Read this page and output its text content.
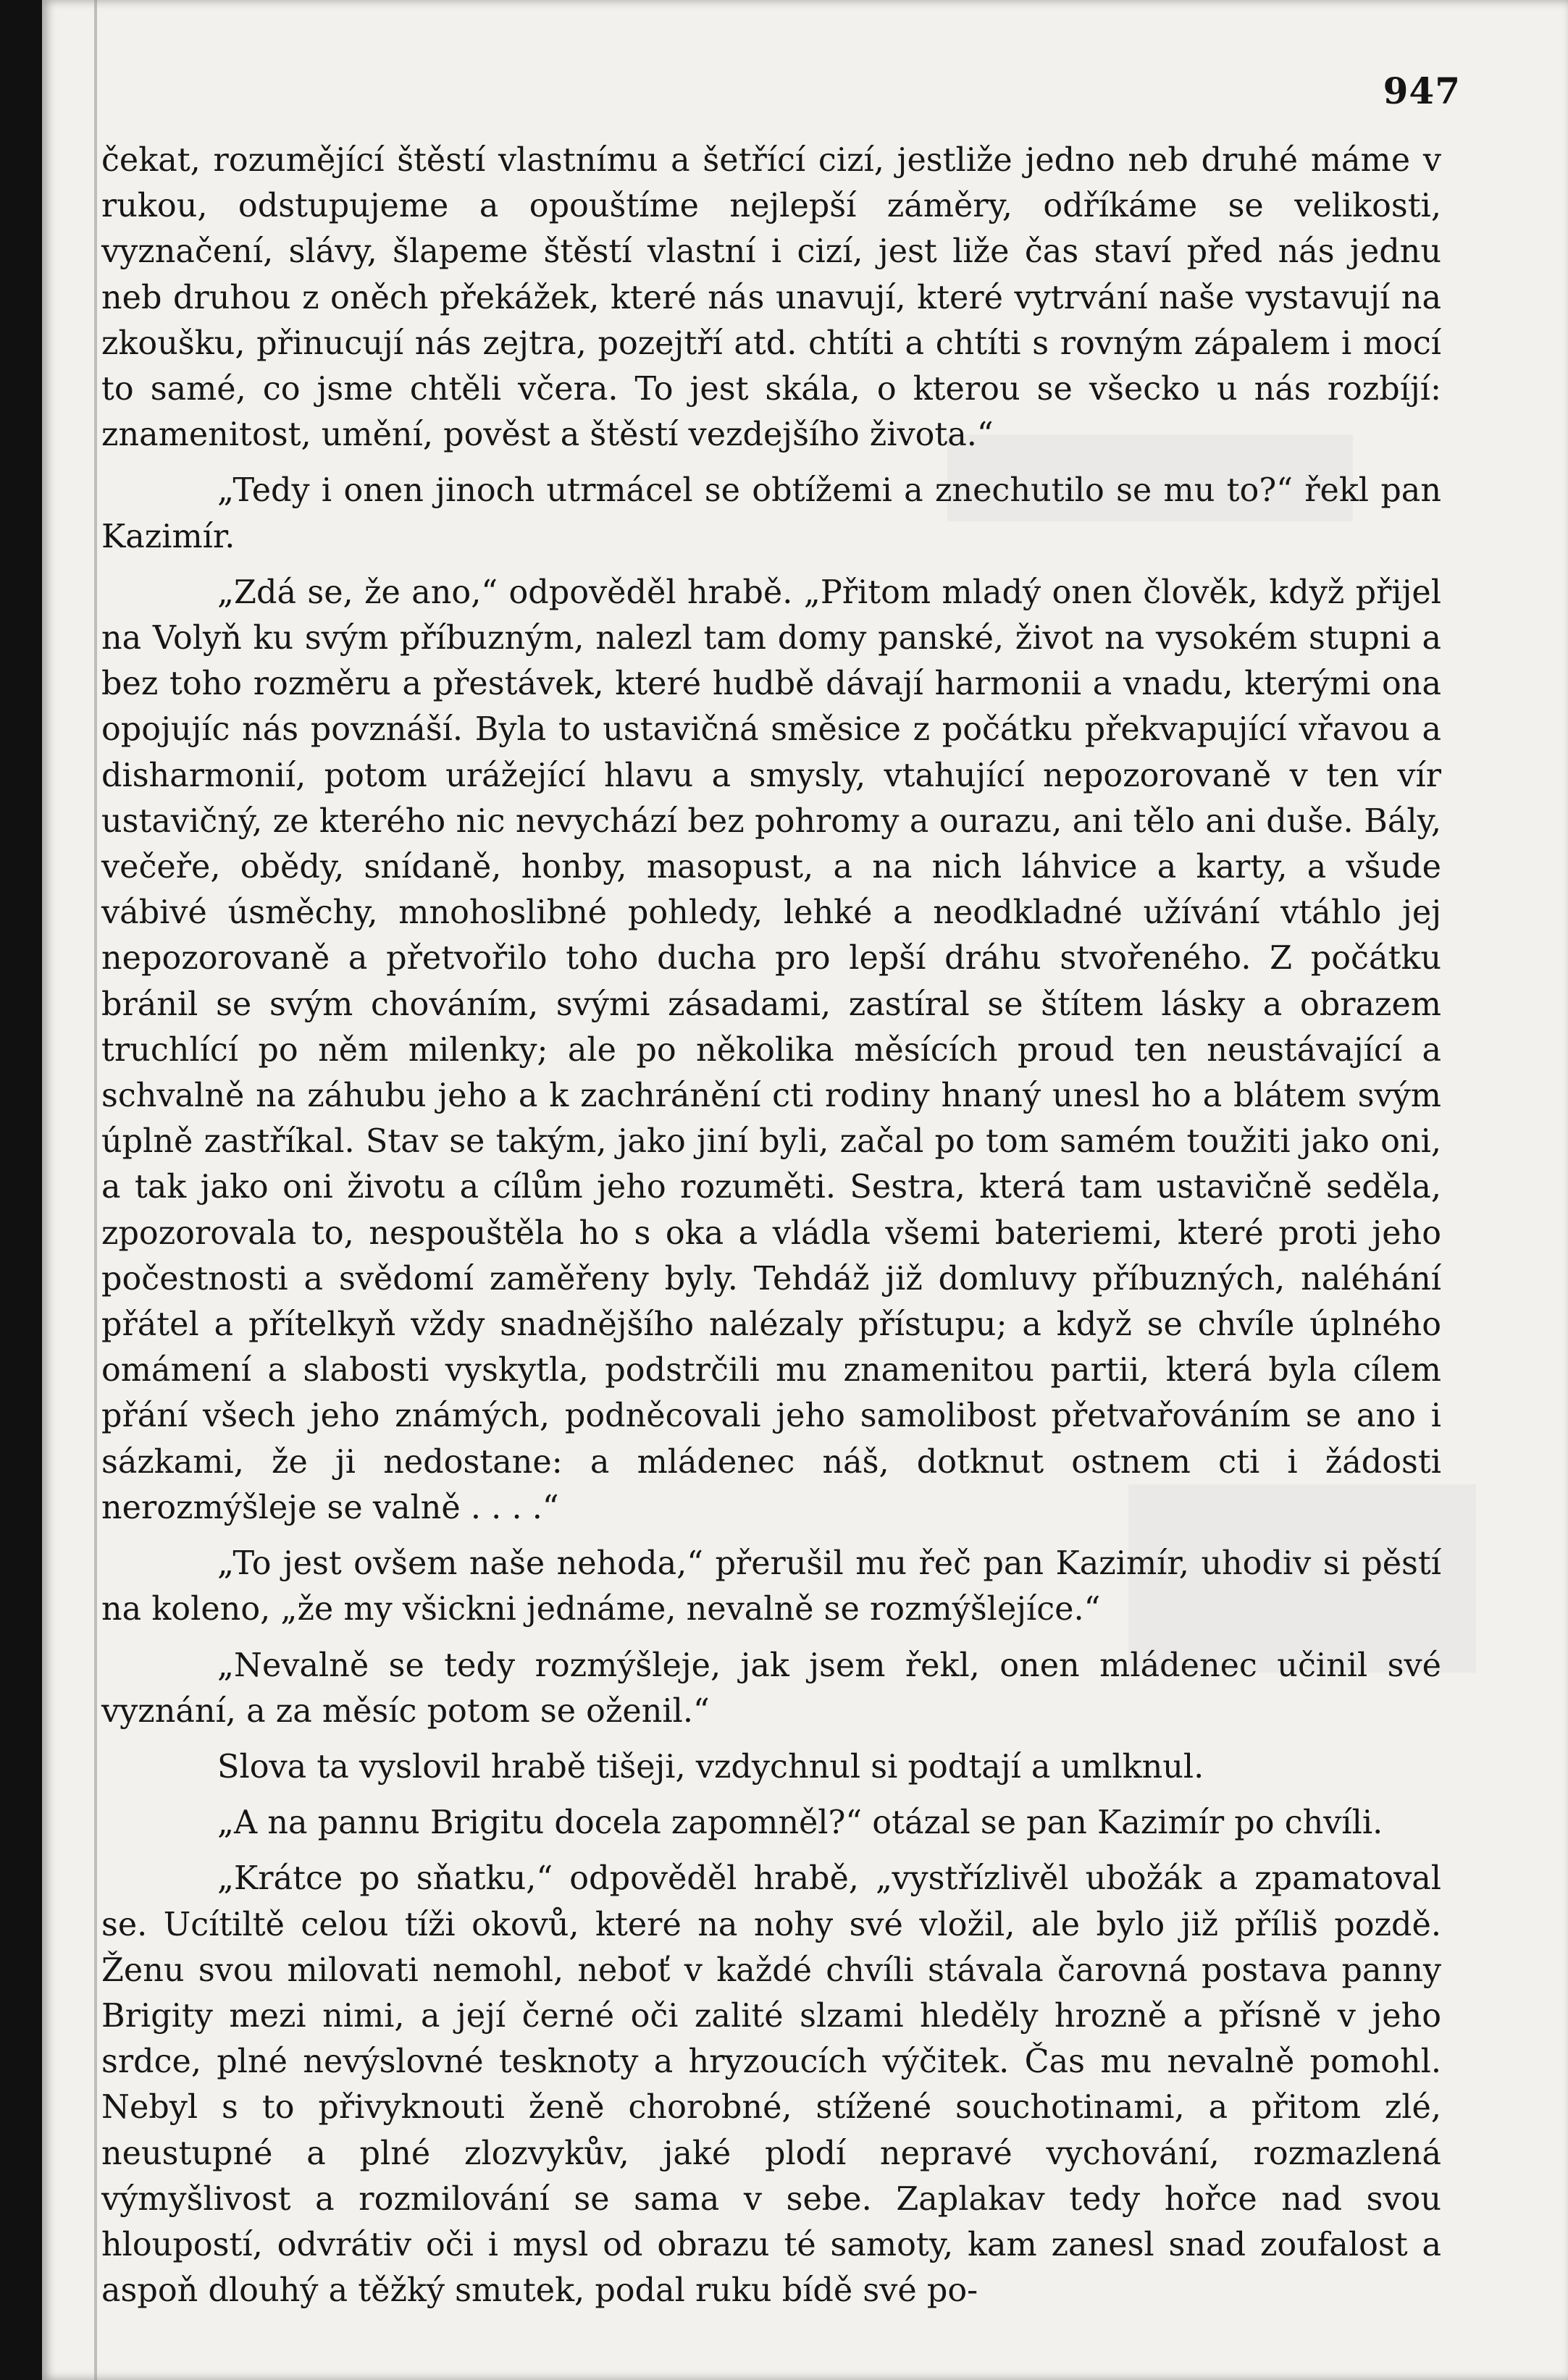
947

čekat, rozumějící štěstí vlastnímu a šetřící cizí, jestliže jedno neb druhé máme v rukou, odstupujeme a opouštíme nejlepší záměry, odříkáme se velikosti, vyznačení, slávy, šlapeme štěstí vlastní i cizí, jest liže čas staví před nás jednu neb druhou z oněch překážek, které nás unavují, které vytrvání naše vystavují na zkoušku, přinucují nás zejtra, pozejtří atd. chtíti a chtíti s rovným zápalem i mocí to samé, co jsme chtěli včera. To jest skála, o kterou se všecko u nás rozbíjí: znamenitost, umění, pověst a štěstí vezdejšího života.“

„Tedy i onen jinoch utrmácel se obtížemi a znechutilo se mu to?“ řekl pan Kazimír.

„Zdá se, že ano,“ odpověděl hrabě. „Přitom mladý onen člověk, když přijel na Volyň ku svým příbuzným, nalezl tam domy panské, život na vysokém stupni a bez toho rozměru a přestávek, které hudbě dávají harmonii a vnadu, kterými ona opojujíc nás povznáší. Byla to ustavičná směsice z počátku překvapující vřavou a disharmonií, potom urážející hlavu a smysly, vtahující nepozorovaně v ten vír ustavičný, ze kterého nic nevychází bez pohromy a ourazu, ani tělo ani duše. Bály, večeře, obědy, snídaně, honby, masopust, a na nich láhvice a karty, a všude vábivé úsměchy, mnohoslibné pohledy, lehké a neodkladné užívání vtáhlo jej nepozorovaně a přetvořilo toho ducha pro lepší dráhu stvořeného. Z počátku bránil se svým chováním, svými zásadami, zastíral se štítem lásky a obrazem truchlící po něm milenky; ale po několika měsících proud ten neustávající a schvalně na záhubu jeho a k zachránění cti rodiny hnaný unesl ho a blátem svým úplně zastříkal. Stav se takým, jako jiní byli, začal po tom samém toužiti jako oni, a tak jako oni životu a cílům jeho rozuměti. Sestra, která tam ustavičně seděla, zpozorovala to, nespouštěla ho s oka a vládla všemi bateriemi, které proti jeho počestnosti a svědomí zaměřeny byly. Tehdáž již domluvy příbuzných, naléhání přátel a přítelkyň vždy snadnějšího nalézaly přístupu; a když se chvíle úplného omámení a slabosti vyskytla, podstrčili mu znamenitou partii, která byla cílem přání všech jeho známých, podněcovali jeho samolibost přetvařováním se ano i sázkami, že ji nedostane: a mládenec náš, dotknut ostnem cti i žádosti nerozmýšleje se valně . . . .“

„To jest ovšem naše nehoda,“ přerušil mu řeč pan Kazimír, uhodiv si pěstí na koleno, „že my všicknі jednáme, nevalně se rozmýšlejíce.“

„Nevalně se tedy rozmýšleje, jak jsem řekl, onen mládenec učinil své vyznání, a za měsíc potom se oženil.“

Slova ta vyslovil hrabě tišeji, vzdychnul si podtají a umlknul.

„A na pannu Brigitu docela zapomněl?“ otázal se pan Kazimír po chvíli.

„Krátce po sňatku,“ odpověděl hrabě, „vystřízlivěl ubožák a zpamatoval se. Ucítiltě celou tíži okovů, které na nohy své vložil, ale bylo již příliš pozdě. Ženu svou milovati nemohl, neboť v každé chvíli stávala čarovná postava panny Brigity mezi nimi, a její černé oči zalité slzami hleděly hrozně a přísně v jeho srdce, plné nevýslovné tesknoty a hryzoucích výčitek. Čas mu nevalně pomohl. Nebyl s to přivyknouti ženě chorobné, stížené souchotinami, a přitom zlé, neustupné a plné zlozvykův, jaké plodí nepravé vychování, rozmazlená výmyšlivost a rozmilování se sama v sebe. Zaplakav tedy hořce nad svou hloupostí, odvrátiv oči i mysl od obrazu té samoty, kam zanesl snad zoufalost a aspoň dlouhý a těžký smutek, podal ruku bídě své po-
